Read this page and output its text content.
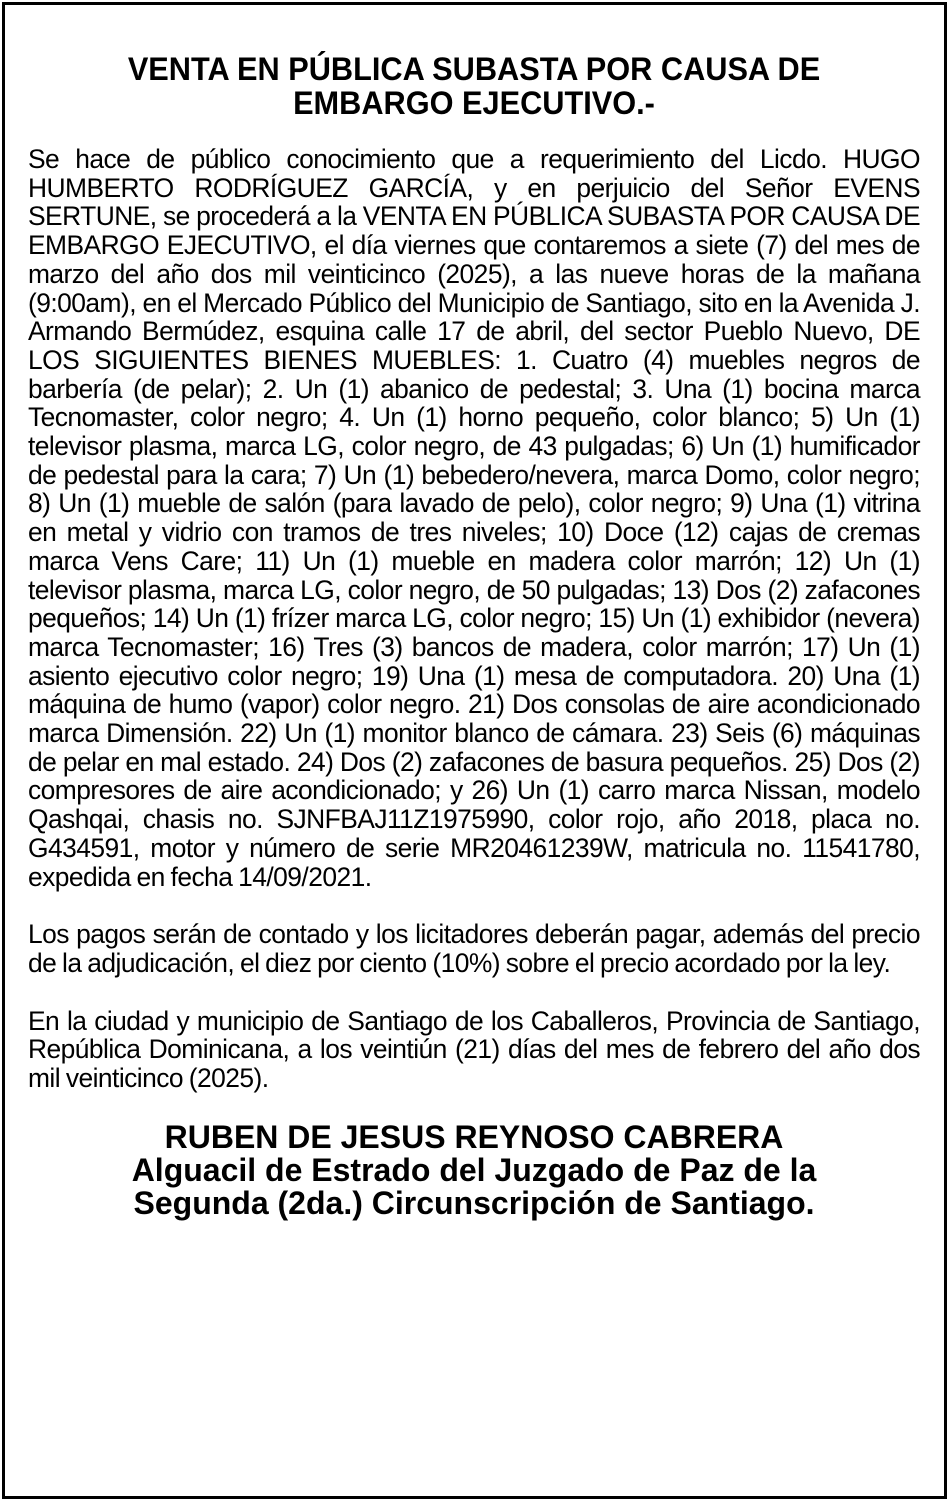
VENTA EN PÚBLICA SUBASTA POR CAUSA DE EMBARGO EJECUTIVO.-

Se hace de público conocimiento que a requerimiento del Licdo. HUGO HUMBERTO RODRÍGUEZ GARCÍA, y en perjuicio del Señor EVENS SERTUNE, se procederá a la VENTA EN PÚBLICA SUBASTA POR CAUSA DE EMBARGO EJECUTIVO, el día viernes que contaremos a siete (7) del mes de marzo del año dos mil veinticinco (2025), a las nueve horas de la mañana (9:00am), en el Mercado Público del Municipio de Santiago, sito en la Avenida J. Armando Bermúdez, esquina calle 17 de abril, del sector Pueblo Nuevo, DE LOS SIGUIENTES BIENES MUEBLES: 1. Cuatro (4) muebles negros de barbería (de pelar); 2. Un (1) abanico de pedestal; 3. Una (1) bocina marca Tecnomaster, color negro; 4. Un (1) horno pequeño, color blanco; 5) Un (1) televisor plasma, marca LG, color negro, de 43 pulgadas; 6) Un (1) humificador de pedestal para la cara; 7) Un (1) bebedero/nevera, marca Domo, color negro; 8) Un (1) mueble de salón (para lavado de pelo), color negro; 9) Una (1) vitrina en metal y vidrio con tramos de tres niveles; 10) Doce (12) cajas de cremas marca Vens Care; 11) Un (1) mueble en madera color marrón; 12) Un (1) televisor plasma, marca LG, color negro, de 50 pulgadas; 13) Dos (2) zafacones pequeños; 14) Un (1) frízer marca LG, color negro; 15) Un (1) exhibidor (nevera) marca Tecnomaster; 16) Tres (3) bancos de madera, color marrón; 17) Un (1) asiento ejecutivo color negro; 19) Una (1) mesa de computadora. 20) Una (1) máquina de humo (vapor) color negro. 21) Dos consolas de aire acondicionado marca Dimensión. 22) Un (1) monitor blanco de cámara. 23) Seis (6) máquinas de pelar en mal estado. 24) Dos (2) zafacones de basura pequeños. 25) Dos (2) compresores de aire acondicionado; y 26) Un (1) carro marca Nissan, modelo Qashqai, chasis no. SJNFBAJ11Z1975990, color rojo, año 2018, placa no. G434591, motor y número de serie MR20461239W, matricula no. 11541780, expedida en fecha 14/09/2021.

Los pagos serán de contado y los licitadores deberán pagar, además del precio de la adjudicación, el diez por ciento (10%) sobre el precio acordado por la ley.

En la ciudad y municipio de Santiago de los Caballeros, Provincia de Santiago, República Dominicana, a los veintiún (21) días del mes de febrero del año dos mil veinticinco (2025).

RUBEN DE JESUS REYNOSO CABRERA
Alguacil de Estrado del Juzgado de Paz de la
Segunda (2da.) Circunscripción de Santiago.
